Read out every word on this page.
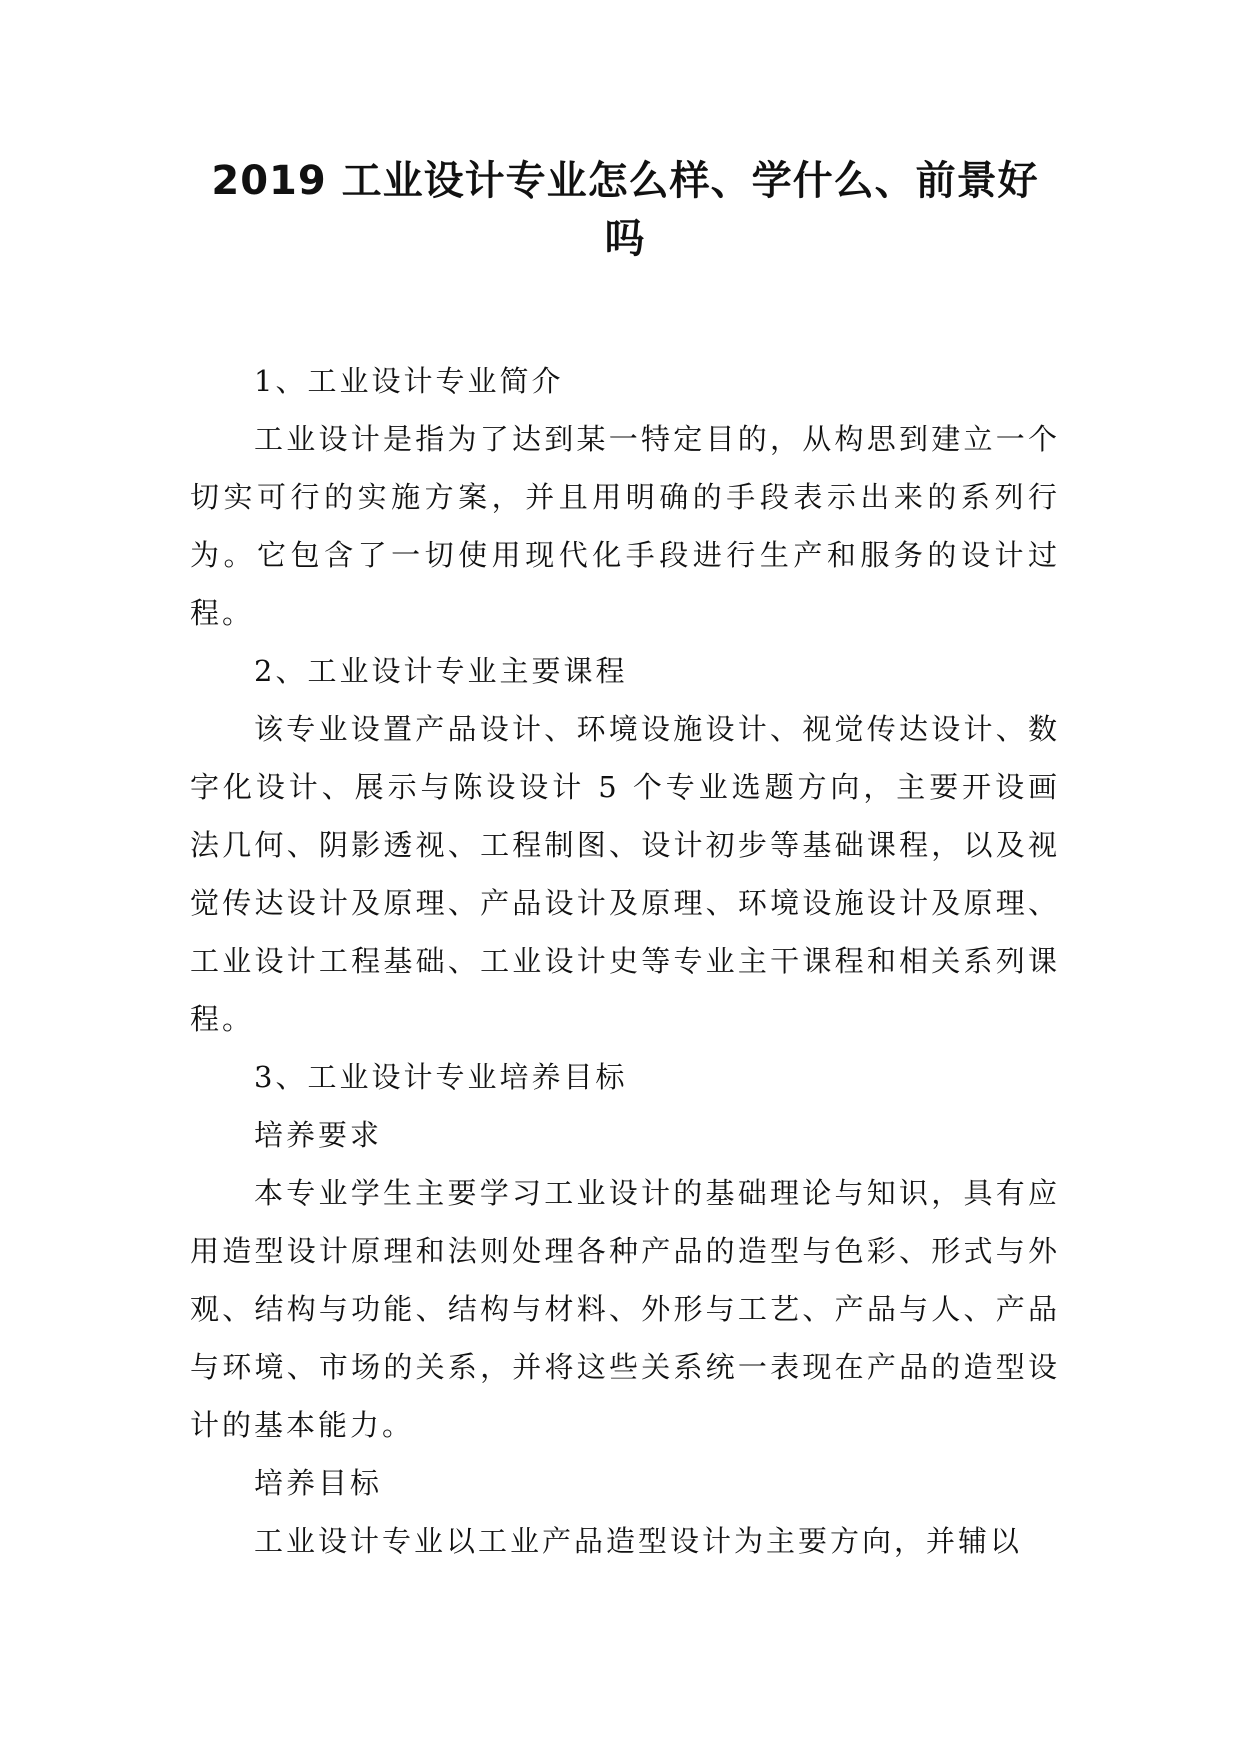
2019 工业设计专业怎么样、学什么、前景好
吗

1、工业设计专业简介

工业设计是指为了达到某一特定目的，从构思到建立一个切实可行的实施方案，并且用明确的手段表示出来的系列行为。它包含了一切使用现代化手段进行生产和服务的设计过程。

2、工业设计专业主要课程

该专业设置产品设计、环境设施设计、视觉传达设计、数字化设计、展示与陈设设计 5 个专业选题方向，主要开设画法几何、阴影透视、工程制图、设计初步等基础课程，以及视觉传达设计及原理、产品设计及原理、环境设施设计及原理、工业设计工程基础、工业设计史等专业主干课程和相关系列课程。

3、工业设计专业培养目标

培养要求

本专业学生主要学习工业设计的基础理论与知识，具有应用造型设计原理和法则处理各种产品的造型与色彩、形式与外观、结构与功能、结构与材料、外形与工艺、产品与人、产品与环境、市场的关系，并将这些关系统一表现在产品的造型设计的基本能力。

培养目标

工业设计专业以工业产品造型设计为主要方向，并辅以
